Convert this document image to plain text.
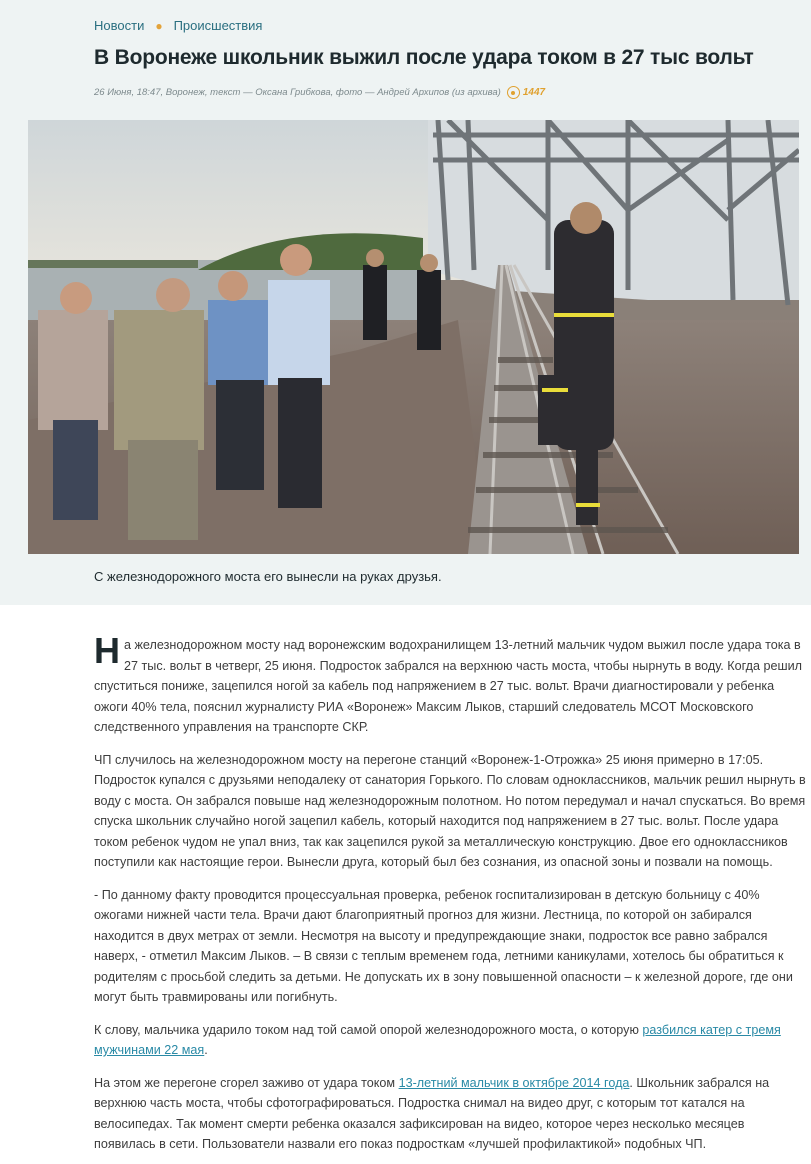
Новости ● Происшествия
В Воронеже школьник выжил после удара током в 27 тыс вольт
26 Июня, 18:47, Воронеж, текст — Оксана Грибкова, фото — Андрей Архипов (из архива) 1447
С железнодорожного моста его вынесли на руках друзья.

На железнодорожном мосту над воронежским водохранилищем 13-летний мальчик чудом выжил после удара тока в 27 тыс. вольт в четверг, 25 июня. Подросток забрался на верхнюю часть моста, чтобы нырнуть в воду. Когда решил спуститься пониже, зацепился ногой за кабель под напряжением в 27 тыс. вольт. Врачи диагностировали у ребенка ожоги 40% тела, пояснил журналисту РИА «Воронеж» Максим Лыков, старший следователь МСОТ Московского следственного управления на транспорте СКР.

ЧП случилось на железнодорожном мосту на перегоне станций «Воронеж-1-Отрожка» 25 июня примерно в 17:05. Подросток купался с друзьями неподалеку от санатория Горького. По словам одноклассников, мальчик решил нырнуть в воду с моста. Он забрался повыше над железнодорожным полотном. Но потом передумал и начал спускаться. Во время спуска школьник случайно ногой зацепил кабель, который находится под напряжением в 27 тыс. вольт. После удара током ребенок чудом не упал вниз, так как зацепился рукой за металлическую конструкцию. Двое его одноклассников поступили как настоящие герои. Вынесли друга, который был без сознания, из опасной зоны и позвали на помощь.

- По данному факту проводится процессуальная проверка, ребенок госпитализирован в детскую больницу с 40% ожогами нижней части тела. Врачи дают благоприятный прогноз для жизни. Лестница, по которой он забирался находится в двух метрах от земли. Несмотря на высоту и предупреждающие знаки, подросток все равно забрался наверх, - отметил Максим Лыков. – В связи с теплым временем года, летними каникулами, хотелось бы обратиться к родителям с просьбой следить за детьми. Не допускать их в зону повышенной опасности – к железной дороге, где они могут быть травмированы или погибнуть.

К слову, мальчика ударило током над той самой опорой железнодорожного моста, о которую разбился катер с тремя мужчинами 22 мая.

На этом же перегоне сгорел заживо от удара током 13-летний мальчик в октябре 2014 года. Школьник забрался на верхнюю часть моста, чтобы сфотографироваться. Подростка снимал на видео друг, с которым тот катался на велосипедах. Так момент смерти ребенка оказался зафиксирован на видео, которое через несколько месяцев появилась в сети. Пользователи назвали его показ подросткам «лучшей профилактикой» подобных ЧП.
